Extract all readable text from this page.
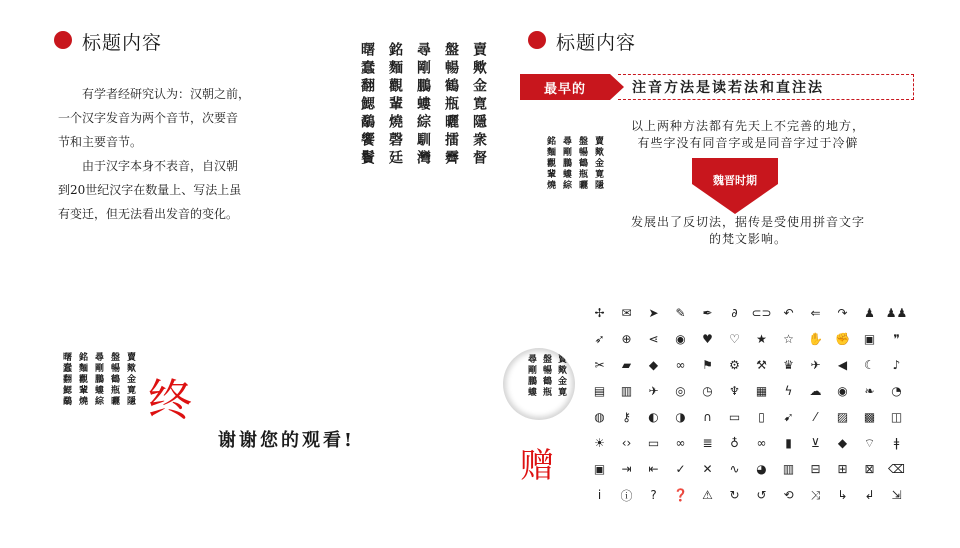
标题内容
有学者经研究认为：汉朝之前，
一个汉字发音为两个音节，次要音
节和主要音节。
由于汉字本身不表音，自汉朝
到20世纪汉字在数量上、写法上虽
有变迁，但无法看出发音的变化。
賣歟金寛隱衆督
盤暢鶴瓶曬擂霽
尋剛鵬螻綜馴灣
銘麵觀輩燒磬廷
曙蠢翻鰓鷸饗鬢	标题内容
最早的	注音方法是读若法和直注法
賣歟金寛隱
盤暢鶴瓶曬
尋剛鵬螻綜
銘麵觀輩燒
以上两种方法都有先天上不完善的地方，
有些字没有同音字或是同音字过于冷僻
魏晋时期
发展出了反切法，据传是受使用拼音文字
的梵文影响。
賣歟金寛隱
盤暢鶴瓶曬
尋剛鵬螻綜
銘麵觀輩燒
曙蠢翻鰓鷸 终
谢谢您的观看!
賣歟金寛
盤暢鶴瓶
尋剛鵬螻
赠
✢	✉	➤	✎	✒	∂	⊂⊃ ↶	⇐	↷	♟ ♟♟
➶	⊕	⋖	◉	♥	♡	★	☆	✋	✊	▣	❞
✂	▰	◆	∞	⚑	⚙	⚒	♛	✈	◀	☾	♪
▤	▥	✈	◎	◷	♆	▦	ϟ	☁	◉	❧	◔
◍	⚷	◐	◑	∩	▭	▯	➹	⁄	▨	▩	◫
☀	‹›	▭	∞	≣	♁	∞	▮	⊻	◆	⌔	ǂ
▣	⇥	⇤	✓	✕	∿	◕	▥	⊟	⊞	⊠	⌫
i	ⓘ	?	❓	⚠	↻	↺	⟲	⤨	↳	↲	⇲
